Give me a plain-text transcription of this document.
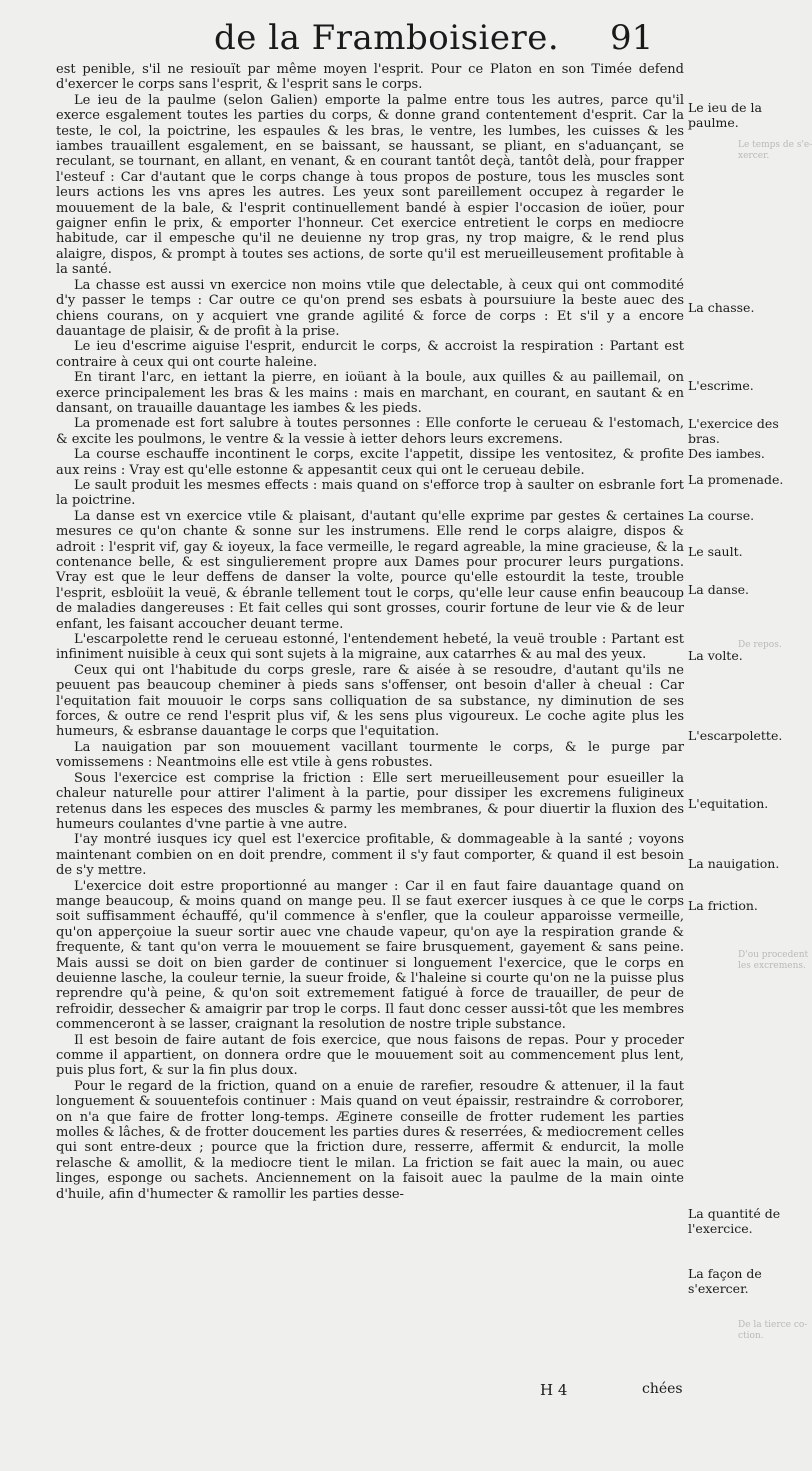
de la Framboisiere. 91
Le temps de s'e-
xercer.
De repos.
D'ou procedent
les excremens.
De la tierce co-
ction.

est penible, s'il ne resiouït par même moyen l'esprit. Pour ce Platon en son Timée defend d'exercer le corps sans l'esprit, & l'esprit sans le corps.

Le ieu de la paulme (selon Galien) emporte la palme entre tous les autres, parce qu'il exerce esgalement toutes les parties du corps, & donne grand contentement d'esprit. Car la teste, le col, la poictrine, les espaules & les bras, le ventre, les lumbes, les cuisses & les iambes trauaillent esgalement, en se baissant, se haussant, se pliant, en s'aduançant, se reculant, se tournant, en allant, en venant, & en courant tantôt deçà, tantôt delà, pour frapper l'esteuf : Car d'autant que le corps change à tous propos de posture, tous les muscles sont leurs actions les vns apres les autres. Les yeux sont pareillement occupez à regarder le mouuement de la bale, & l'esprit continuellement bandé à espier l'occasion de ioüer, pour gaigner enfin le prix, & emporter l'honneur. Cet exercice entretient le corps en mediocre habitude, car il empesche qu'il ne deuienne ny trop gras, ny trop maigre, & le rend plus alaigre, dispos, & prompt à toutes ses actions, de sorte qu'il est merueilleusement profitable à la santé.

La chasse est aussi vn exercice non moins vtile que delectable, à ceux qui ont commodité d'y passer le temps : Car outre ce qu'on prend ses esbats à poursuiure la beste auec des chiens courans, on y acquiert vne grande agilité & force de corps : Et s'il y a encore dauantage de plaisir, & de profit à la prise.

Le ieu d'escrime aiguise l'esprit, endurcit le corps, & accroist la respiration : Partant est contraire à ceux qui ont courte haleine.

En tirant l'arc, en iettant la pierre, en ioüant à la boule, aux quilles & au paillemail, on exerce principalement les bras & les mains : mais en marchant, en courant, en sautant & en dansant, on trauaille dauantage les iambes & les pieds.

La promenade est fort salubre à toutes personnes : Elle conforte le cerueau & l'estomach, & excite les poulmons, le ventre & la vessie à ietter dehors leurs excremens.

La course eschauffe incontinent le corps, excite l'appetit, dissipe les ventositez, & profite aux reins : Vray est qu'elle estonne & appesantit ceux qui ont le cerueau debile.

Le sault produit les mesmes effects : mais quand on s'efforce trop à saulter on esbranle fort la poictrine.

La danse est vn exercice vtile & plaisant, d'autant qu'elle exprime par gestes & certaines mesures ce qu'on chante & sonne sur les instrumens. Elle rend le corps alaigre, dispos & adroit : l'esprit vif, gay & ioyeux, la face vermeille, le regard agreable, la mine gracieuse, & la contenance belle, & est singulierement propre aux Dames pour procurer leurs purgations. Vray est que le leur deffens de danser la volte, pource qu'elle estourdit la teste, trouble l'esprit, esbloüit la veuë, & ébranle tellement tout le corps, qu'elle leur cause enfin beaucoup de maladies dangereuses : Et fait celles qui sont grosses, courir fortune de leur vie & de leur enfant, les faisant accoucher deuant terme.

L'escarpolette rend le cerueau estonné, l'entendement hebeté, la veuë trouble : Partant est infiniment nuisible à ceux qui sont sujets à la migraine, aux catarrhes & au mal des yeux.

Ceux qui ont l'habitude du corps gresle, rare & aisée à se resoudre, d'autant qu'ils ne peuuent pas beaucoup cheminer à pieds sans s'offenser, ont besoin d'aller à cheual : Car l'equitation fait mouuoir le corps sans colliquation de sa substance, ny diminution de ses forces, & outre ce rend l'esprit plus vif, & les sens plus vigoureux. Le coche agite plus les humeurs, & esbranse dauantage le corps que l'equitation.

La nauigation par son mouuement vacillant tourmente le corps, & le purge par vomissemens : Neantmoins elle est vtile à gens robustes.

Sous l'exercice est comprise la friction : Elle sert merueilleusement pour esueiller la chaleur naturelle pour attirer l'aliment à la partie, pour dissiper les excremens fuligineux retenus dans les especes des muscles & parmy les membranes, & pour diuertir la fluxion des humeurs coulantes d'vne partie à vne autre.

I'ay montré iusques icy quel est l'exercice profitable, & dommageable à la santé ; voyons maintenant combien on en doit prendre, comment il s'y faut comporter, & quand il est besoin de s'y mettre.

L'exercice doit estre proportionné au manger : Car il en faut faire dauantage quand on mange beaucoup, & moins quand on mange peu. Il se faut exercer iusques à ce que le corps soit suffisamment échauffé, qu'il commence à s'enfler, que la couleur apparoisse vermeille, qu'on apperçoiue la sueur sortir auec vne chaude vapeur, qu'on aye la respiration grande & frequente, & tant qu'on verra le mouuement se faire brusquement, gayement & sans peine. Mais aussi se doit on bien garder de continuer si longuement l'exercice, que le corps en deuienne lasche, la couleur ternie, la sueur froide, & l'haleine si courte qu'on ne la puisse plus reprendre qu'à peine, & qu'on soit extremement fatigué à force de trauailler, de peur de refroidir, dessecher & amaigrir par trop le corps. Il faut donc cesser aussi-tôt que les membres commenceront à se lasser, craignant la resolution de nostre triple substance.

Il est besoin de faire autant de fois exercice, que nous faisons de repas. Pour y proceder comme il appartient, on donnera ordre que le mouuement soit au commencement plus lent, puis plus fort, & sur la fin plus doux.

Pour le regard de la friction, quand on a enuie de rarefier, resoudre & attenuer, il la faut longuement & souuentefois continuer : Mais quand on veut épaissir, restraindre & corroborer, on n'a que faire de frotter long-temps. Ægineте conseille de frotter rudement les parties molles & lâches, & de frotter doucement les parties dures & reserrées, & mediocrement celles qui sont entre-deux ; pource que la friction dure, resserre, affermit & endurcit, la molle relasche & amollit, & la mediocre tient le milan. La friction se fait auec la main, ou auec linges, esponge ou sachets. Anciennement on la faisoit auec la paulme de la main ointe d'huile, afin d'humecter & ramollir les parties desse-

Le ieu de la paulme.
La chasse.
L'escrime.
L'exercice des bras.
Des iambes.
La promenade.
La course.
Le sault.
La danse.
La volte.
L'escarpolette.
L'equitation.
La nauigation.
La friction.
La quantité de l'exercice.
La façon de s'exercer.
H 4	chées
